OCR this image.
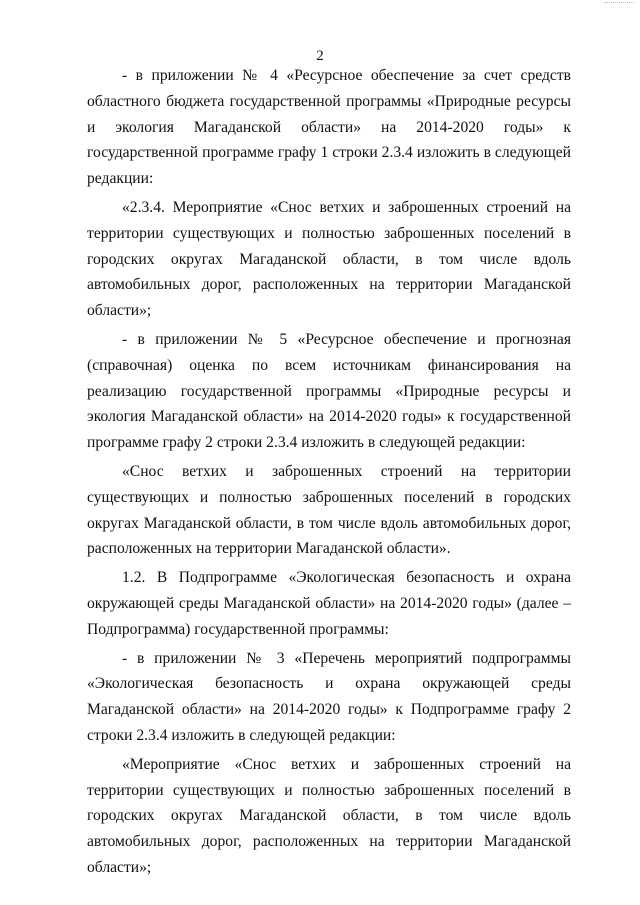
2

- в приложении № 4 «Ресурсное обеспечение за счет средств областного бюджета государственной программы «Природные ресурсы и экология Магаданской области» на 2014-2020 годы» к государственной программе графу 1 строки 2.3.4 изложить в следующей редакции:

«2.3.4. Мероприятие «Снос ветхих и заброшенных строений на территории существующих и полностью заброшенных поселений в городских округах Магаданской области, в том числе вдоль автомобильных дорог, расположенных на территории Магаданской области»;

- в приложении № 5 «Ресурсное обеспечение и прогнозная (справочная) оценка по всем источникам финансирования на реализацию государственной программы «Природные ресурсы и экология Магаданской области» на 2014-2020 годы» к государственной программе графу 2 строки 2.3.4 изложить в следующей редакции:

«Снос ветхих и заброшенных строений на территории существующих и полностью заброшенных поселений в городских округах Магаданской области, в том числе вдоль автомобильных дорог, расположенных на территории Магаданской области».

1.2. В Подпрограмме «Экологическая безопасность и охрана окружающей среды Магаданской области» на 2014-2020 годы» (далее – Подпрограмма) государственной программы:

- в приложении № 3 «Перечень мероприятий подпрограммы «Экологическая безопасность и охрана окружающей среды Магаданской области» на 2014-2020 годы» к Подпрограмме графу 2 строки 2.3.4 изложить в следующей редакции:

«Мероприятие «Снос ветхих и заброшенных строений на территории существующих и полностью заброшенных поселений в городских округах Магаданской области, в том числе вдоль автомобильных дорог, расположенных на территории Магаданской области»;
